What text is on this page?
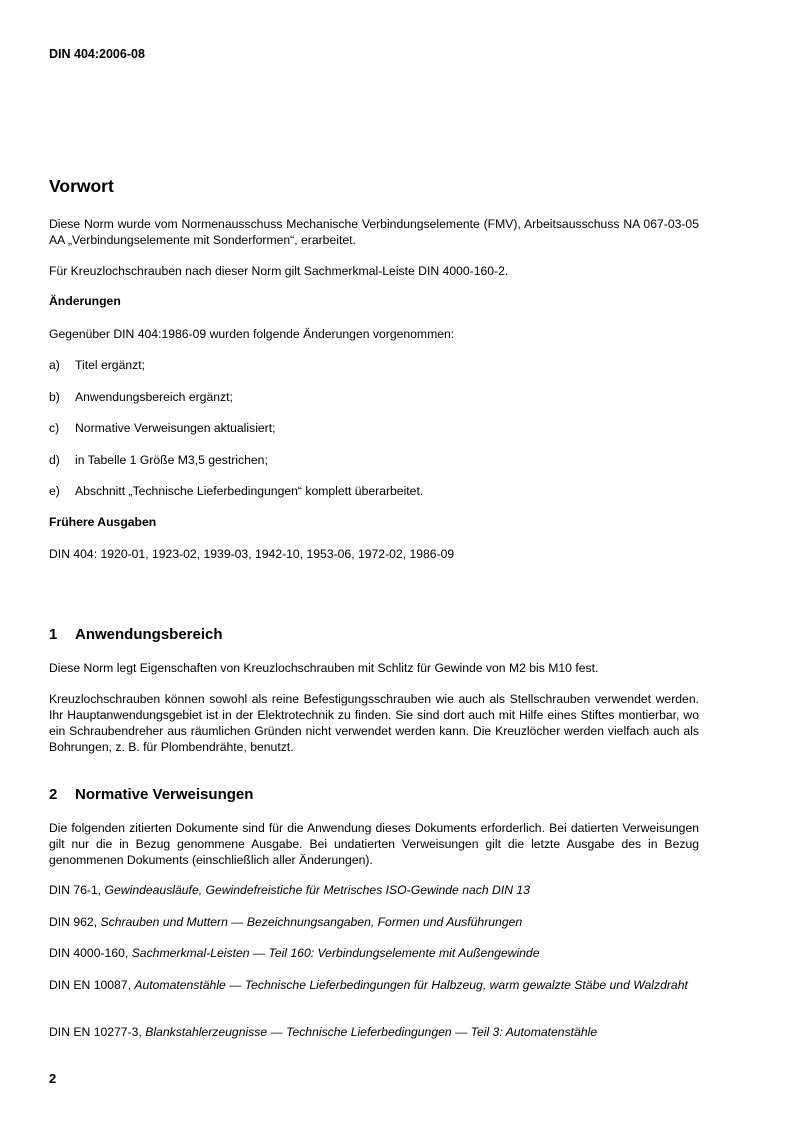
DIN 404:2006-08
Vorwort
Diese Norm wurde vom Normenausschuss Mechanische Verbindungselemente (FMV), Arbeitsausschuss NA 067-03-05 AA „Verbindungselemente mit Sonderformen“, erarbeitet.
Für Kreuzlochschrauben nach dieser Norm gilt Sachmerkmal-Leiste DIN 4000-160-2.
Änderungen
Gegenüber DIN 404:1986-09 wurden folgende Änderungen vorgenommen:
a) Titel ergänzt;
b) Anwendungsbereich ergänzt;
c) Normative Verweisungen aktualisiert;
d) in Tabelle 1 Größe M3,5 gestrichen;
e) Abschnitt „Technische Lieferbedingungen“ komplett überarbeitet.
Frühere Ausgaben
DIN 404: 1920-01, 1923-02, 1939-03, 1942-10, 1953-06, 1972-02, 1986-09
1 Anwendungsbereich
Diese Norm legt Eigenschaften von Kreuzlochschrauben mit Schlitz für Gewinde von M2 bis M10 fest.
Kreuzlochschrauben können sowohl als reine Befestigungsschrauben wie auch als Stellschrauben verwendet werden. Ihr Hauptanwendungsgebiet ist in der Elektrotechnik zu finden. Sie sind dort auch mit Hilfe eines Stiftes montierbar, wo ein Schraubendreher aus räumlichen Gründen nicht verwendet werden kann. Die Kreuzlöcher werden vielfach auch als Bohrungen, z. B. für Plombendrähte, benutzt.
2 Normative Verweisungen
Die folgenden zitierten Dokumente sind für die Anwendung dieses Dokuments erforderlich. Bei datierten Verweisungen gilt nur die in Bezug genommene Ausgabe. Bei undatierten Verweisungen gilt die letzte Ausgabe des in Bezug genommenen Dokuments (einschließlich aller Änderungen).
DIN 76-1, Gewindeausläufe, Gewindefreistiche für Metrisches ISO-Gewinde nach DIN 13
DIN 962, Schrauben und Muttern — Bezeichnungsangaben, Formen und Ausführungen
DIN 4000-160, Sachmerkmal-Leisten — Teil 160: Verbindungselemente mit Außengewinde
DIN EN 10087, Automatenstähle — Technische Lieferbedingungen für Halbzeug, warm gewalzte Stäbe und Walzdraht
DIN EN 10277-3, Blankstahlerzeugnisse — Technische Lieferbedingungen — Teil 3: Automatenstähle
2
